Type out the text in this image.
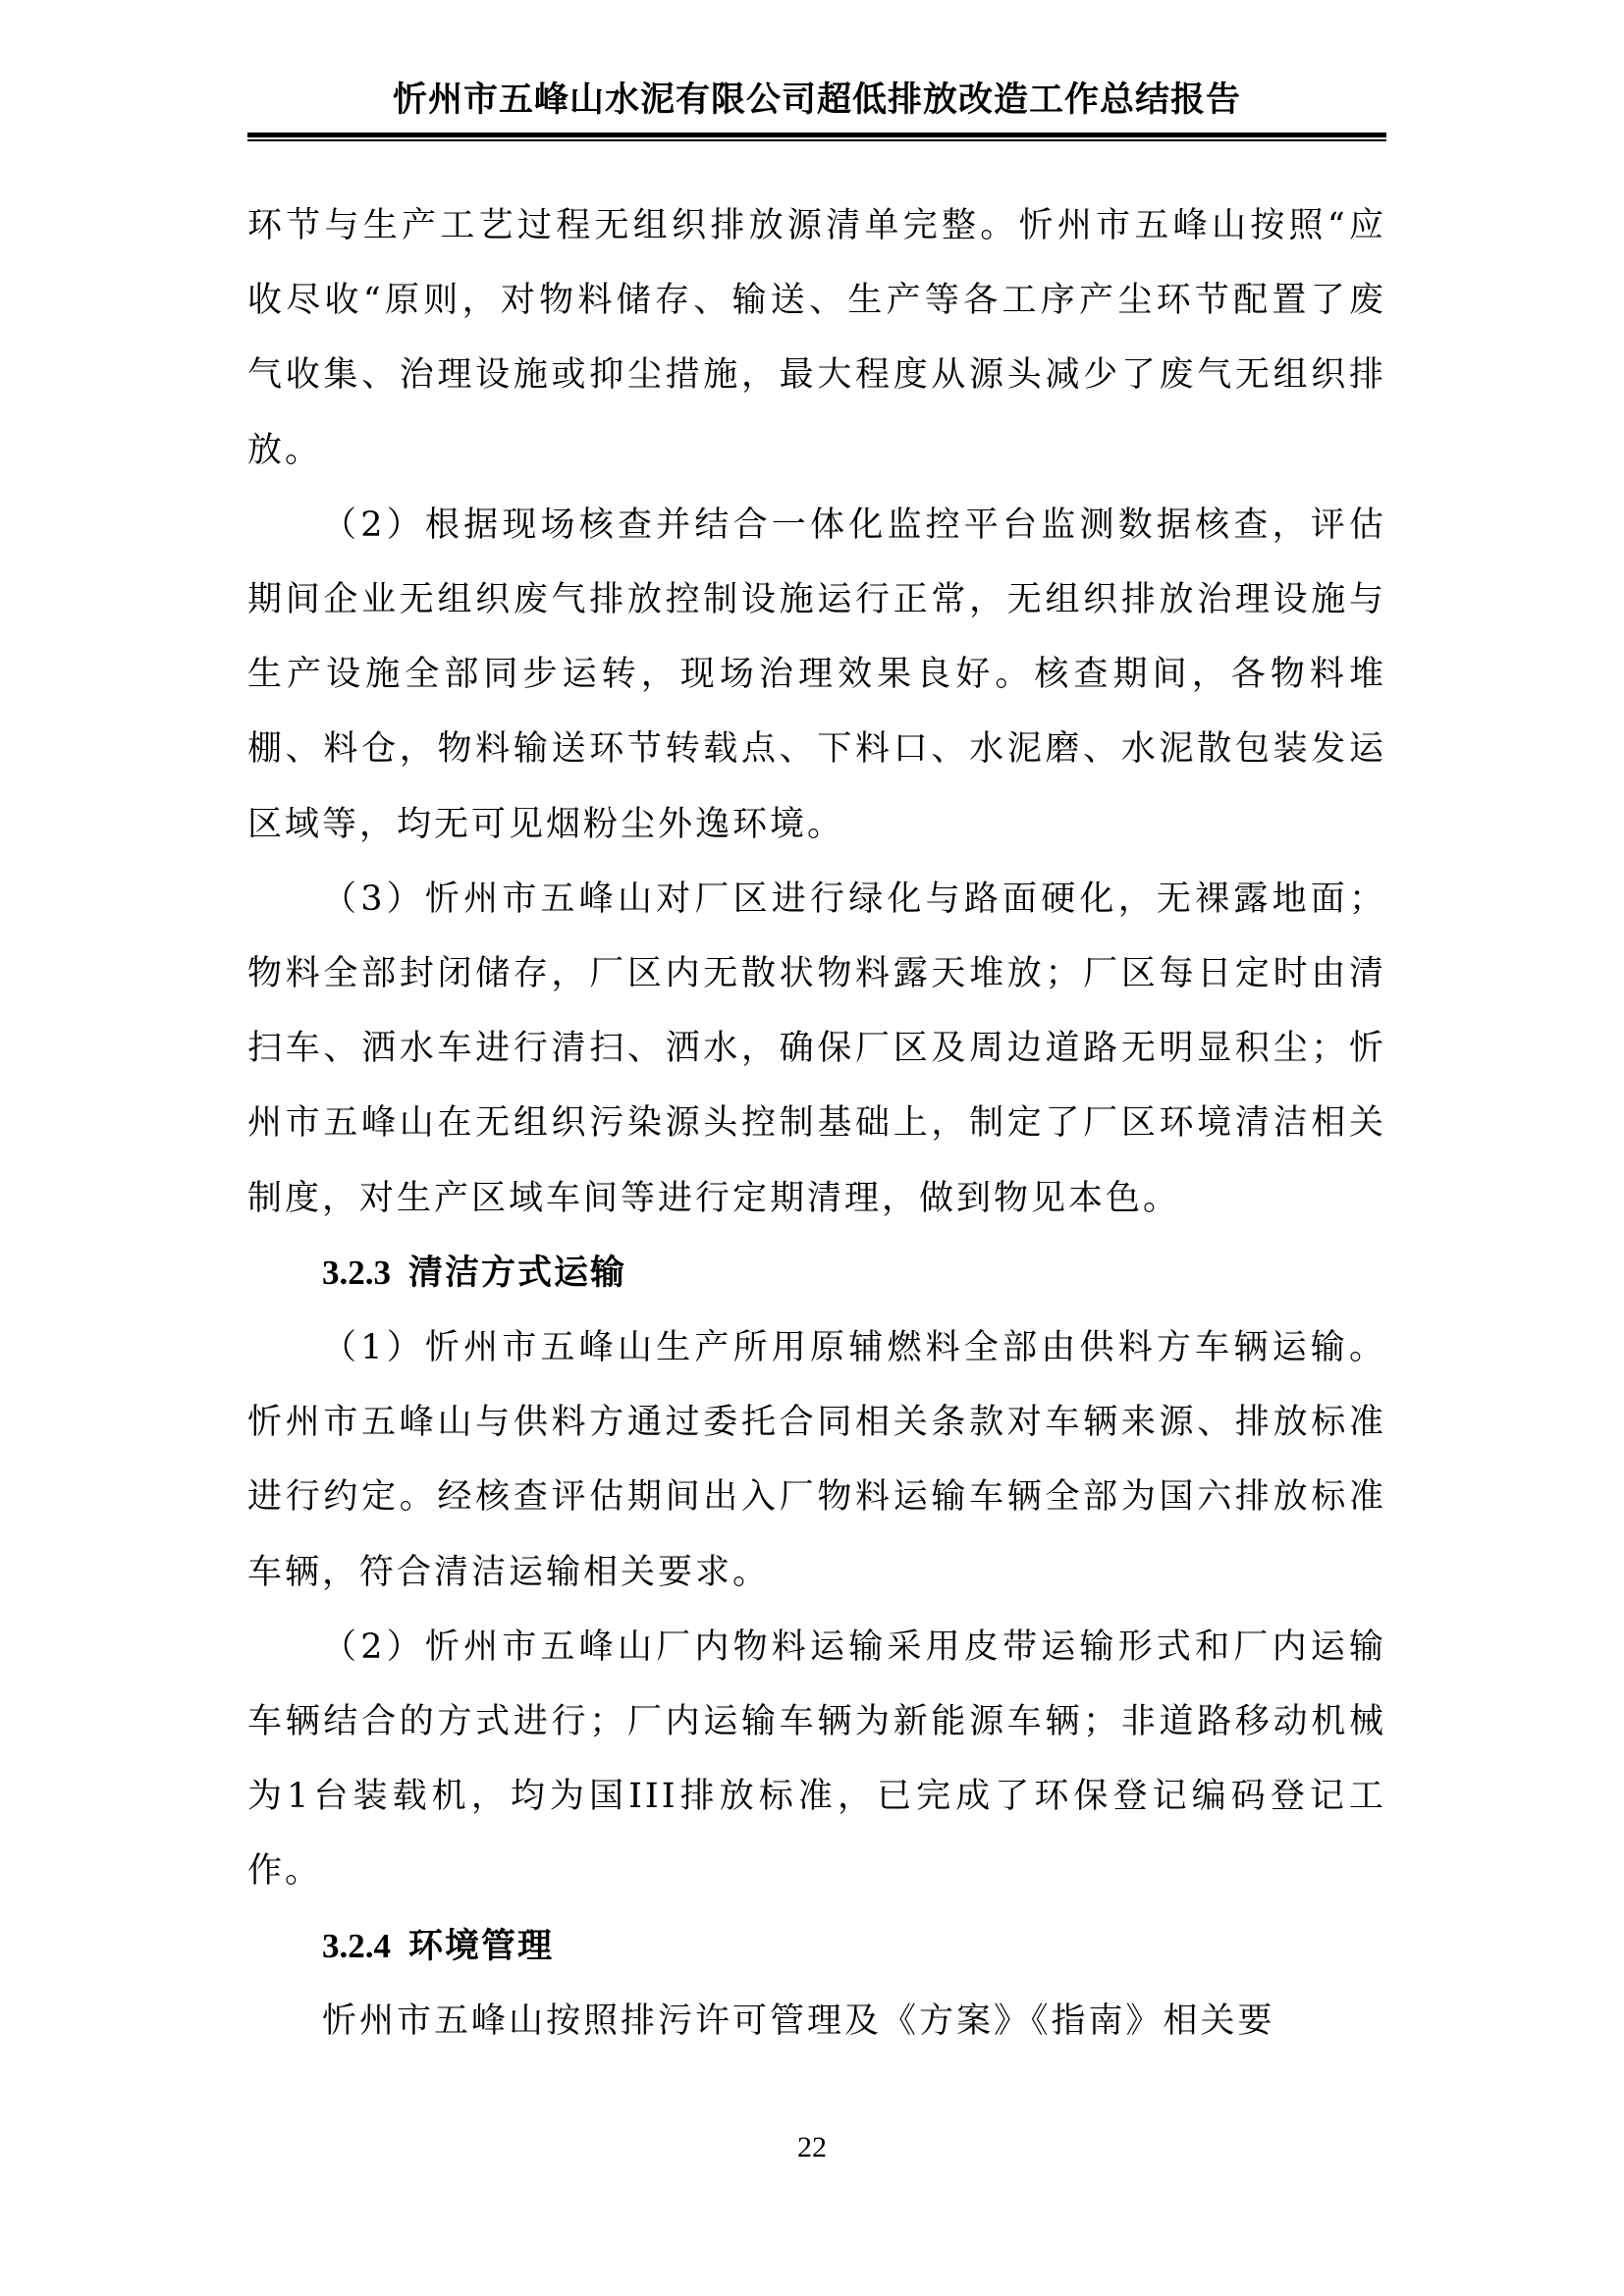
忻州市五峰山水泥有限公司超低排放改造工作总结报告

环节与生产工艺过程无组织排放源清单完整。忻州市五峰山按照“应收尽收“原则，对物料储存、输送、生产等各工序产尘环节配置了废气收集、治理设施或抑尘措施，最大程度从源头减少了废气无组织排放。

（2）根据现场核查并结合一体化监控平台监测数据核查，评估期间企业无组织废气排放控制设施运行正常，无组织排放治理设施与生产设施全部同步运转，现场治理效果良好。核查期间，各物料堆棚、料仓，物料输送环节转载点、下料口、水泥磨、水泥散包装发运区域等，均无可见烟粉尘外逸环境。

（3）忻州市五峰山对厂区进行绿化与路面硬化，无裸露地面；物料全部封闭储存，厂区内无散状物料露天堆放；厂区每日定时由清扫车、洒水车进行清扫、洒水，确保厂区及周边道路无明显积尘；忻州市五峰山在无组织污染源头控制基础上，制定了厂区环境清洁相关制度，对生产区域车间等进行定期清理，做到物见本色。

3.2.3 清洁方式运输

（1）忻州市五峰山生产所用原辅燃料全部由供料方车辆运输。忻州市五峰山与供料方通过委托合同相关条款对车辆来源、排放标准进行约定。经核查评估期间出入厂物料运输车辆全部为国六排放标准车辆，符合清洁运输相关要求。

（2）忻州市五峰山厂内物料运输采用皮带运输形式和厂内运输车辆结合的方式进行；厂内运输车辆为新能源车辆；非道路移动机械为1台装载机，均为国III排放标准，已完成了环保登记编码登记工作。

3.2.4 环境管理

忻州市五峰山按照排污许可管理及《方案》《指南》相关要

22
